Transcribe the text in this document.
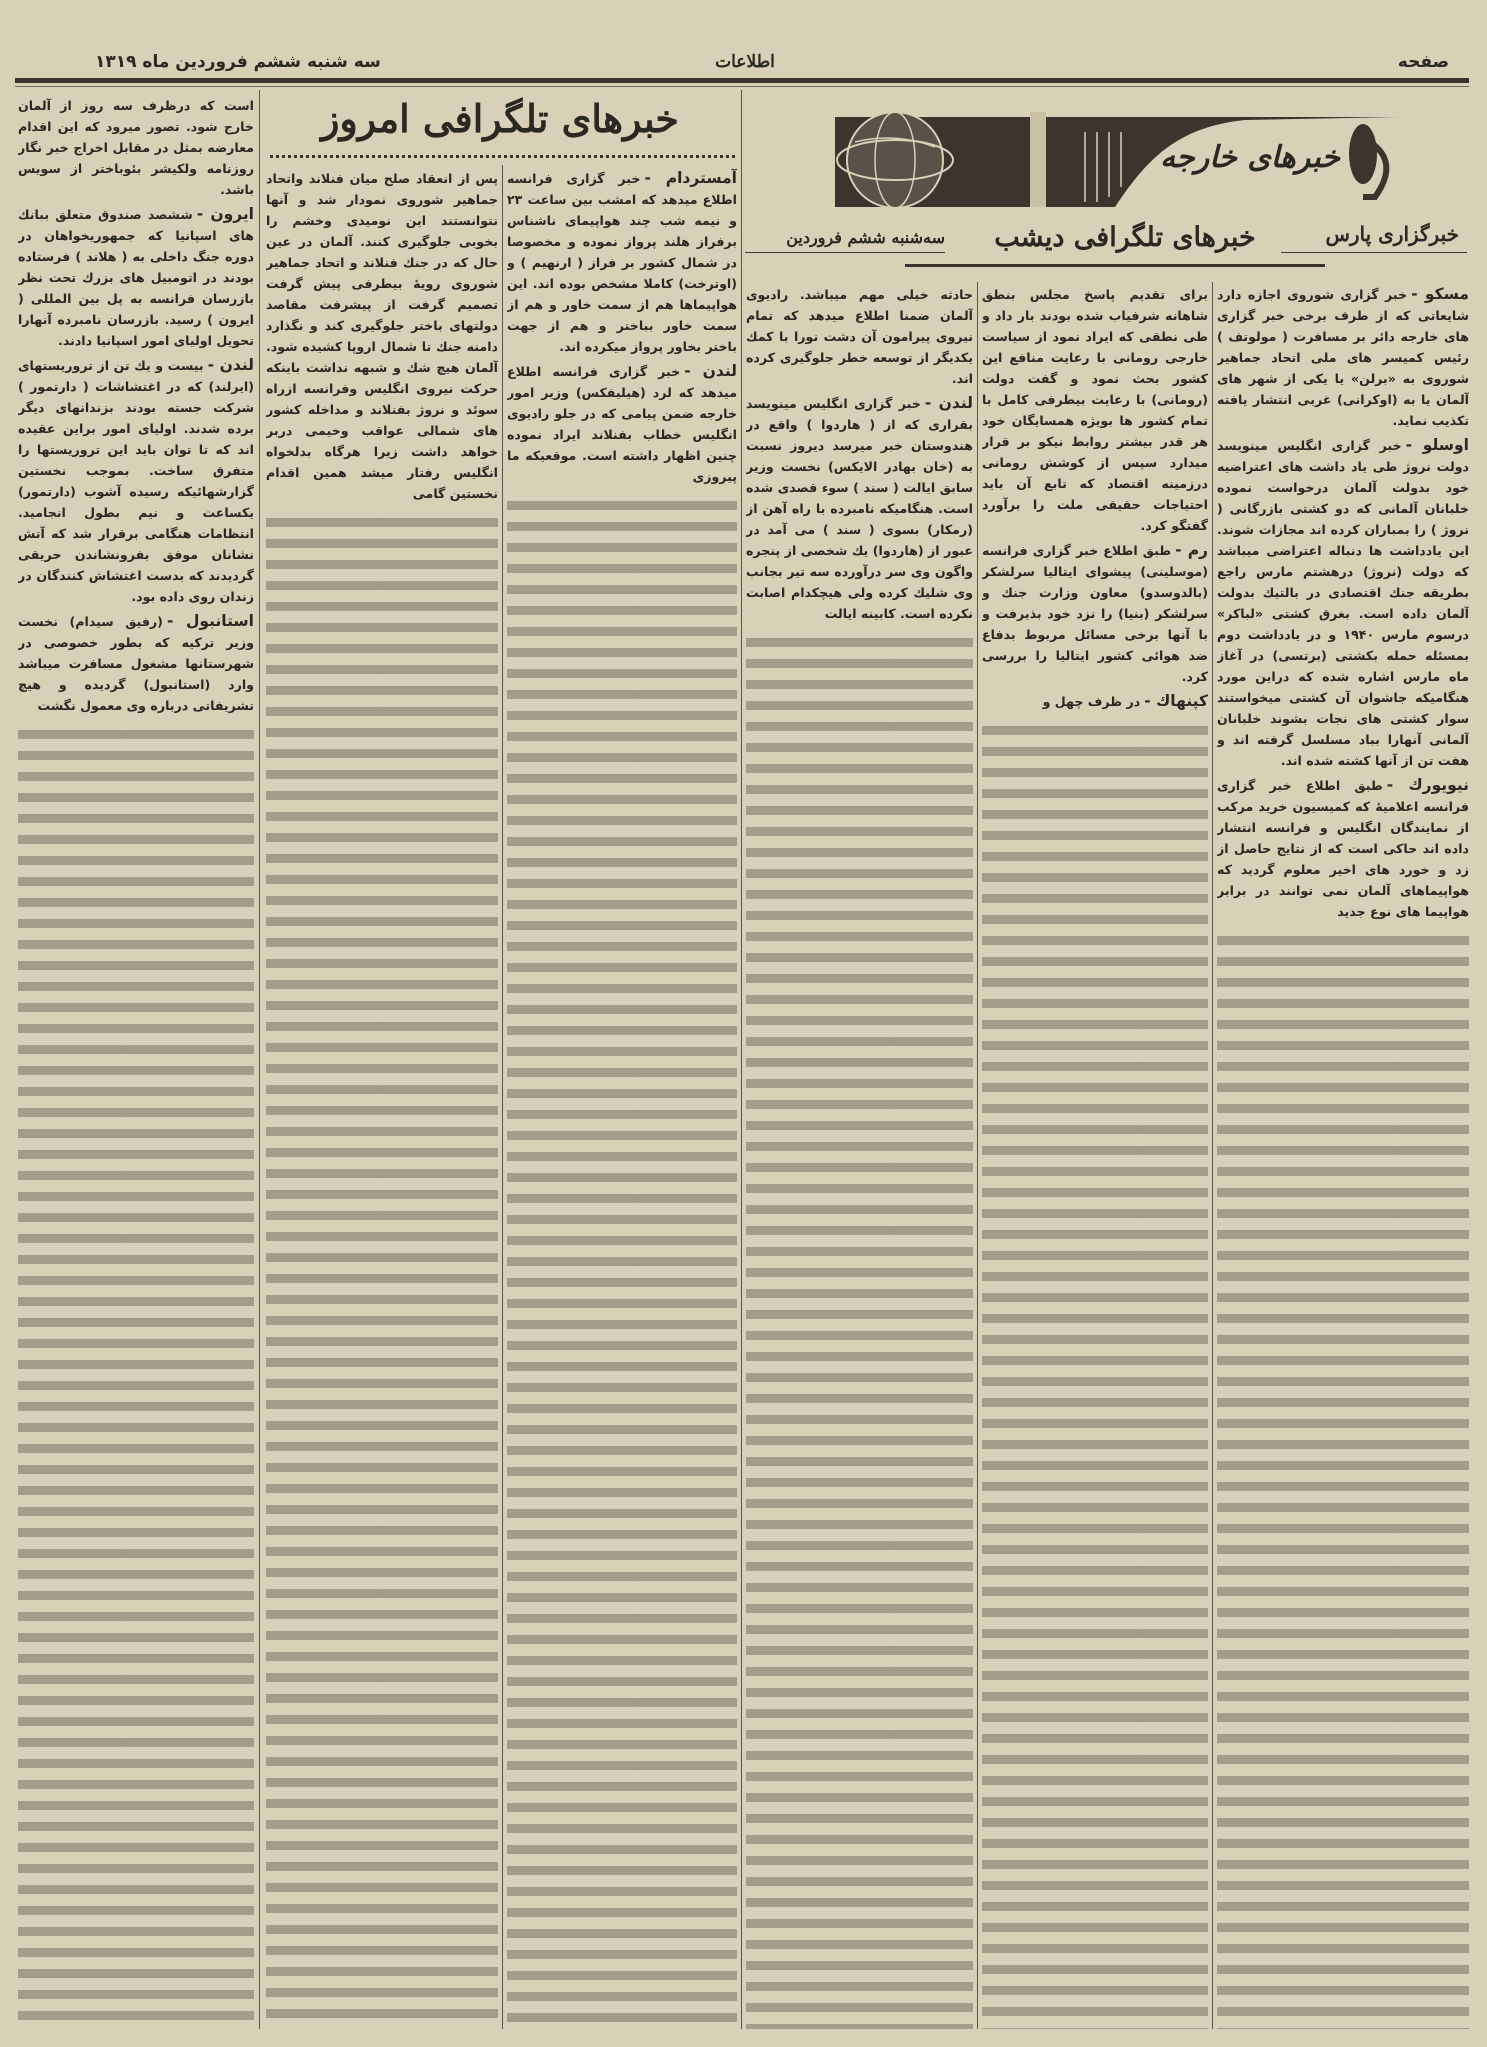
صفحه
اطلاعات
سه شنبه ششم فروردین ماه ۱۳۱۹
خبرهای خارجه
خبرگزاری پارس
خبرهای تلگرافی دیشب
سه‌شنبه ششم فروردین
خبرهای تلگرافی امروز

است که درظرف سه روز از آلمان خارج شود. تصور میرود که این اقدام معارضه بمثل در مقابل اخراج خبر نگار روزنامه ولکیشر بئوباختر از سویس باشد.

ایرون -ششصد صندوق متعلق ببانك های اسپانیا که جمهوریخواهان در دوره جنگ داخلی به ( هلاند ) فرستاده بودند در اتومبیل های بزرك تحت نظر بازرسان فرانسه به پل بین المللی ( ایرون ) رسید. بازرسان نامبرده آنهارا تحویل اولیای امور اسپانیا دادند.

لندن -بیست و یك تن از تروریستهای (ایرلند) که در اغتشاشات ( دارتمور ) شرکت جسته بودند بزندانهای دیگر برده شدند. اولیای امور براین عقیده اند که تا توان باید این تروریستها را متفرق ساخت. بموجب نخستین گزارشهائیکه رسیده آشوب (دارتمور) یکساعت و نیم بطول انجامید. انتظامات هنگامی برقرار شد که آتش نشانان موفق بفرونشاندن حریقی گردیدند که بدست اغتشاش کنندگان در زندان روی داده بود.

استانبول -(رفیق سیدام) نخست وزیر ترکیه که بطور خصوصی در شهرستانها مشغول مسافرت میباشد وارد (استانبول) گردیده و هیچ تشریفاتی درباره وی معمول نگشت

پس از انعقاد صلح میان فنلاند واتحاد جماهیر شوروی نمودار شد و آنها نتوانستند این نومیدی وخشم را بخوبی جلوگیری کنند. آلمان در عین حال که در جنك فنلاند و اتحاد جماهیر شوروی رویهٔ بیطرفی پیش گرفت تصمیم گرفت از پیشرفت مقاصد دولتهای باختر جلوگیری کند و نگذارد دامنه جنك تا شمال اروپا کشیده شود. آلمان هیچ شك و شبهه نداشت باینکه حرکت نیروی انگلیس وفرانسه ازراه سوئد و نروژ بفنلاند و مداخله کشور های شمالی عواقب وخیمی دربر خواهد داشت زیرا هرگاه بدلخواه انگلیس رفتار میشد همین اقدام نخستین گامی

آمستردام -خبر گزاری فرانسه اطلاع میدهد که امشب بین ساعت ۲۳ و نیمه شب چند هواپیمای ناشناس برفراز هلند پرواز نموده و مخصوصا در شمال کشور بر فراز ( ارنهیم ) و (اوترخت) کاملا مشخص بوده اند. این هواپیماها هم از سمت خاور و هم از سمت خاور بباختر و هم از جهت باختر بخاور پرواز میکرده اند.

لندن -خبر گزاری فرانسه اطلاع میدهد که لرد (هیلیفکس) وزیر امور خارجه ضمن پیامی که در جلو رادیوی انگلیس خطاب بفنلاند ایراد نموده چنین اظهار داشته است. موقعیکه ما پیروزی

حادثه خیلی مهم میباشد. رادیوی آلمان ضمنا اطلاع میدهد که تمام نیروی پیرامون آن دشت نورا با کمك یکدیگر از توسعه خطر جلوگیری کرده اند.

لندن -خبر گزاری انگلیس مینویسد بقراری که از ( هاردوا ) واقع در هندوستان خبر میرسد دیروز نسبت به (خان بهادر الایکس) نخست وزیر سابق ایالت ( سند ) سوء قصدی شده است. هنگامیکه نامبرده با راه آهن از (رمکار) بسوی ( سند ) می آمد در عبور از (هاردوا) یك شخصی از پنجره واگون وی سر درآورده سه تیر بجانب وی شلیك کرده ولی هیچکدام اصابت نکرده است. کابینه ایالت

برای تقدیم پاسخ مجلس بنطق شاهانه شرفیاب شده بودند بار داد و طی نطقی که ایراد نمود از سیاست خارجی رومانی با رعایت منافع این کشور بحث نمود و گفت دولت (رومانی) با رعایت بیطرفی کامل با تمام کشور ها بویژه همسایگان خود هر قدر بیشتر روابط نیکو بر قرار میدارد سپس از کوشش رومانی درزمینه اقتصاد که تابع آن باید احتیاجات حقیقی ملت را برآورد گفتگو کرد.

رم -طبق اطلاع خبر گزاری فرانسه (موسلینی) پیشوای ایتالیا سرلشکر (بالدوسدو) معاون وزارت جنك و سرلشکر (بنیا) را نزد خود بذیرفت و با آنها برخی مسائل مربوط بدفاع ضد هوائی کشور ایتالیا را بررسی کرد.

کپنهاك -در ظرف چهل و

مسکو -خبر گزاری شوروی اجازه دارد شایعاتی که از طرف برخی خبر گزاری های خارجه دائر بر مسافرت ( مولوتف ) رئیس کمیسر های ملی اتحاد جماهیر شوروی به «برلن» یا یکی از شهر های آلمان یا به (اوکرانی) غربی انتشار یافته تکذیب نماید.

اوسلو -خبر گزاری انگلیس مینویسد دولت نروژ طی یاد داشت های اعتراضیه خود بدولت آلمان درخواست نموده خلبانان آلمانی که دو کشتی بازرگانی ( نروژ ) را بمباران کرده اند مجازات شوند. این یادداشت ها دنباله اعتراضی میباشد که دولت (نروژ) درهشتم مارس راجع بطریقه جنك اقتصادی در بالتیك بدولت آلمان داده است. بغرق کشتی «لباکر» درسوم مارس ۱۹۴۰ و در یادداشت دوم بمسئله حمله بکشتی (برتسی) در آغاز ماه مارس اشاره شده که دراین مورد هنگامیکه جاشوان آن کشتی میخواستند سوار کشتی های نجات بشوند خلبانان آلمانی آنهارا بباد مسلسل گرفته اند و هفت تن از آنها کشته شده اند.

نیویورك -طبق اطلاع خبر گزاری فرانسه اعلامیهٔ که کمیسیون خرید مرکب از نمایندگان انگلیس و فرانسه انتشار داده اند حاکی است که از نتایج حاصل از زد و خورد های اخیر معلوم گردید که هواپیماهای آلمان نمی توانند در برابر هواپیما های نوع جدید
